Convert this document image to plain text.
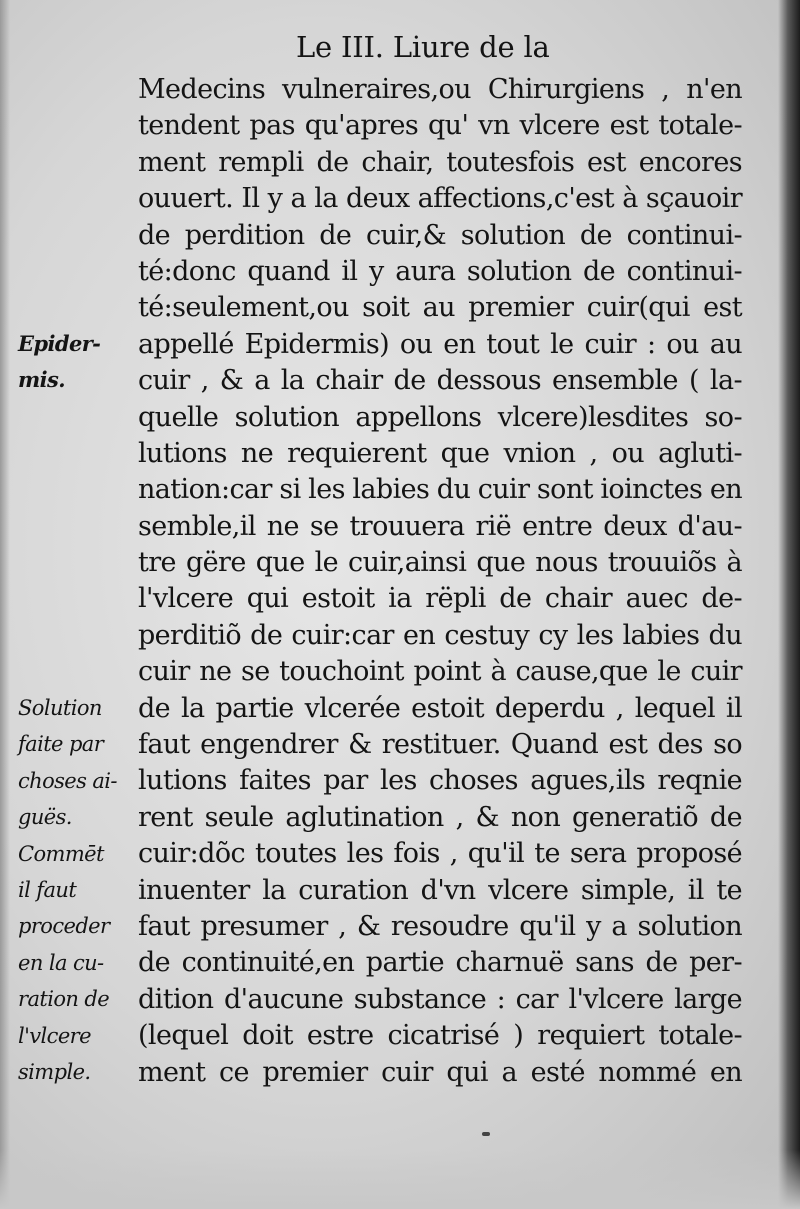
Le III. Liure de la
Medecins vulneraires,ou Chirurgiens , n'en
tendent pas qu'apres qu' vn vlcere est totale-
ment rempli de chair, toutesfois est encores
ouuert. Il y a la deux affections,c'est à sçauoir
de perdition de cuir,& solution de continui-
té:donc quand il y aura solution de continui-
té:seulement,ou soit au premier cuir(qui est
appellé Epidermis) ou en tout le cuir : ou au
cuir , & a la chair de dessous ensemble ( la-
quelle solution appellons vlcere)lesdites so-
lutions ne requierent que vnion , ou agluti-
nation:car si les labies du cuir sont ioinctes en
semble,il ne se trouuera rië entre deux d'au-
tre gëre que le cuir,ainsi que nous trouuiõs à
l'vlcere qui estoit ia rëpli de chair auec de-
perditiõ de cuir:car en cestuy cy les labies du
cuir ne se touchoint point à cause,que le cuir
de la partie vlcerée estoit deperdu , lequel il
faut engendrer & restituer. Quand est des so
lutions faites par les choses agues,ils reqnie
rent seule aglutination , & non generatiõ de
cuir:dõc toutes les fois , qu'il te sera proposé
inuenter la curation d'vn vlcere simple, il te
faut presumer , & resoudre qu'il y a solution
de continuité,en partie charnuë sans de per-
dition d'aucune substance : car l'vlcere large
(lequel doit estre cicatrisé ) requiert totale-
ment ce premier cuir qui a esté nommé en
Epider-
mis.
Solution
faite par
choses ai-
guës.
Commēt
il faut
proceder
en la cu-
ration de
l'vlcere
simple.
